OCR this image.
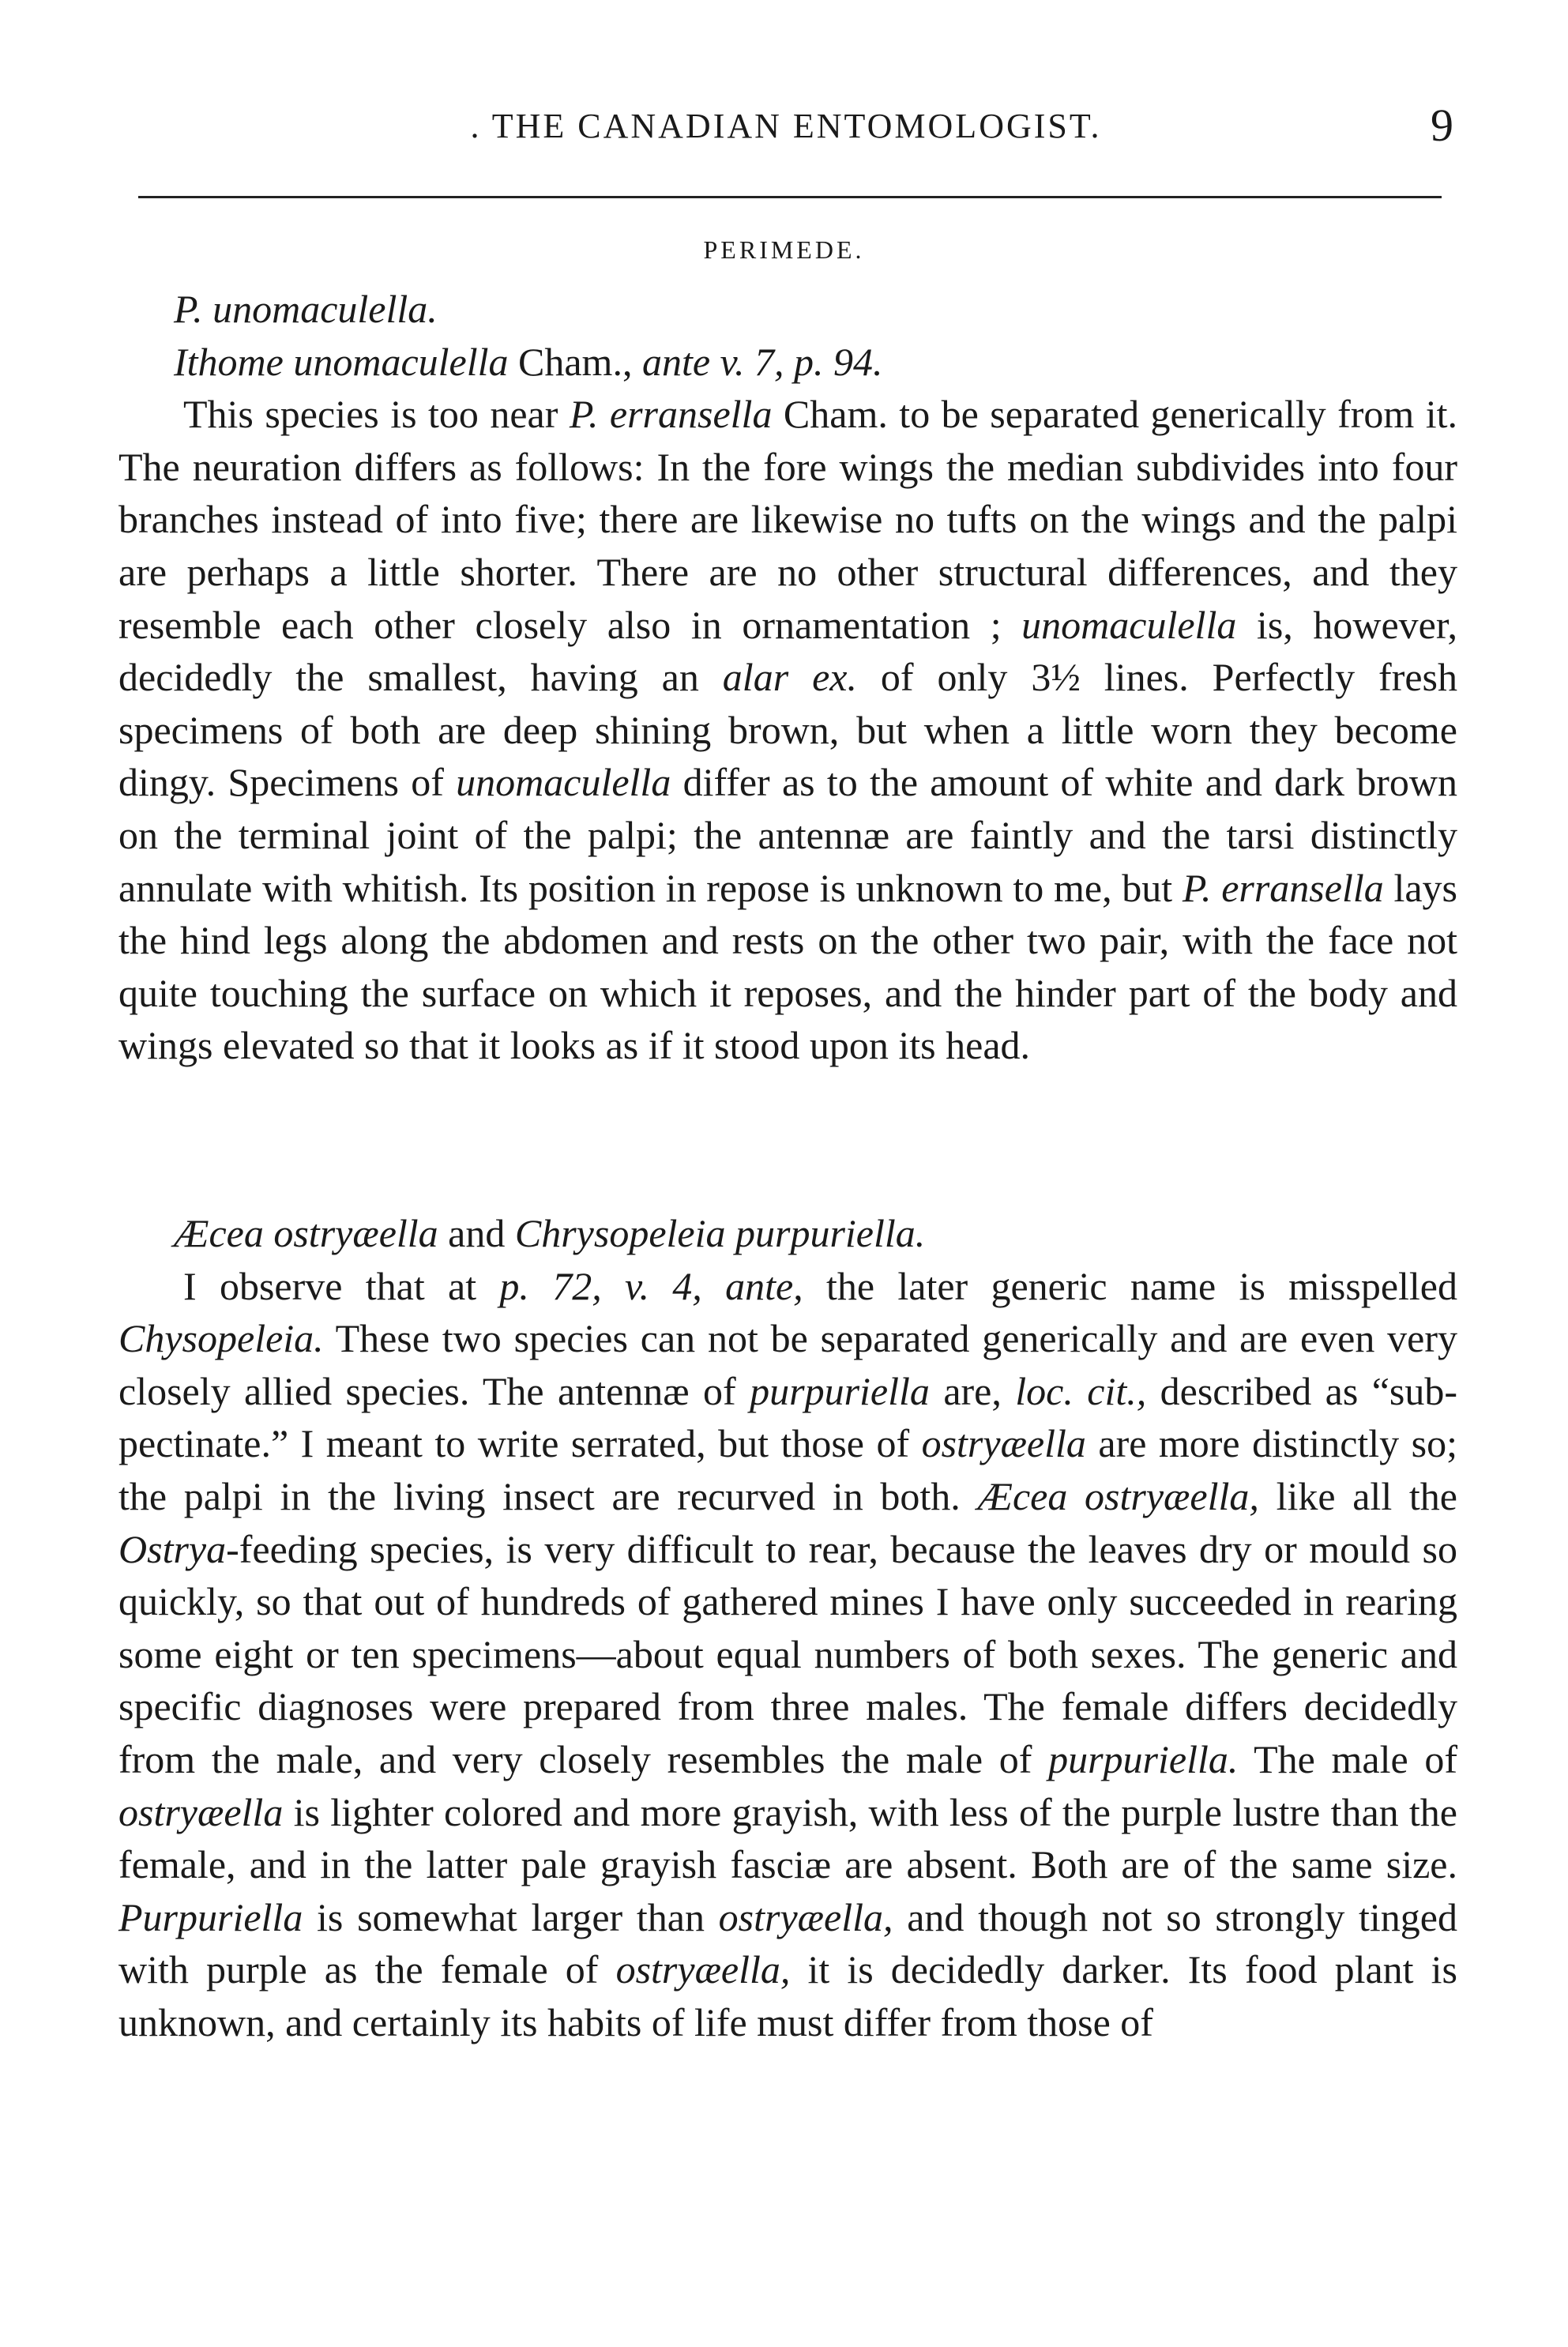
. THE CANADIAN ENTOMOLOGIST.	9
PERIMEDE.

P. unomaculella.

Ithome unomaculella Cham., ante v. 7, p. 94.

This species is too near P. erransella Cham. to be separated generically from it. The neuration differs as follows: In the fore wings the median subdivides into four branches instead of into five; there are likewise no tufts on the wings and the palpi are perhaps a little shorter. There are no other structural differences, and they resemble each other closely also in ornamentation ; unomaculella is, however, decidedly the smallest, having an alar ex. of only 3½ lines. Perfectly fresh specimens of both are deep shining brown, but when a little worn they become dingy. Specimens of unomaculella differ as to the amount of white and dark brown on the terminal joint of the palpi; the antennæ are faintly and the tarsi distinctly annulate with whitish. Its position in repose is unknown to me, but P. erransella lays the hind legs along the abdomen and rests on the other two pair, with the face not quite touching the surface on which it reposes, and the hinder part of the body and wings elevated so that it looks as if it stood upon its head.

Æcea ostryæella and Chrysopeleia purpuriella.

I observe that at p. 72, v. 4, ante, the later generic name is misspelled Chysopeleia. These two species can not be separated generically and are even very closely allied species. The antennæ of purpuriella are, loc. cit., described as “sub-pectinate.” I meant to write serrated, but those of ostryæella are more distinctly so; the palpi in the living insect are recurved in both. Æcea ostryæella, like all the Ostrya-feeding species, is very difficult to rear, because the leaves dry or mould so quickly, so that out of hundreds of gathered mines I have only succeeded in rearing some eight or ten specimens—about equal numbers of both sexes. The generic and specific diagnoses were prepared from three males. The female differs decidedly from the male, and very closely resembles the male of purpuriella. The male of ostryæella is lighter colored and more grayish, with less of the purple lustre than the female, and in the latter pale grayish fasciæ are absent. Both are of the same size. Purpuriella is somewhat larger than ostryæella, and though not so strongly tinged with purple as the female of ostryæella, it is decidedly darker. Its food plant is unknown, and certainly its habits of life must differ from those of
